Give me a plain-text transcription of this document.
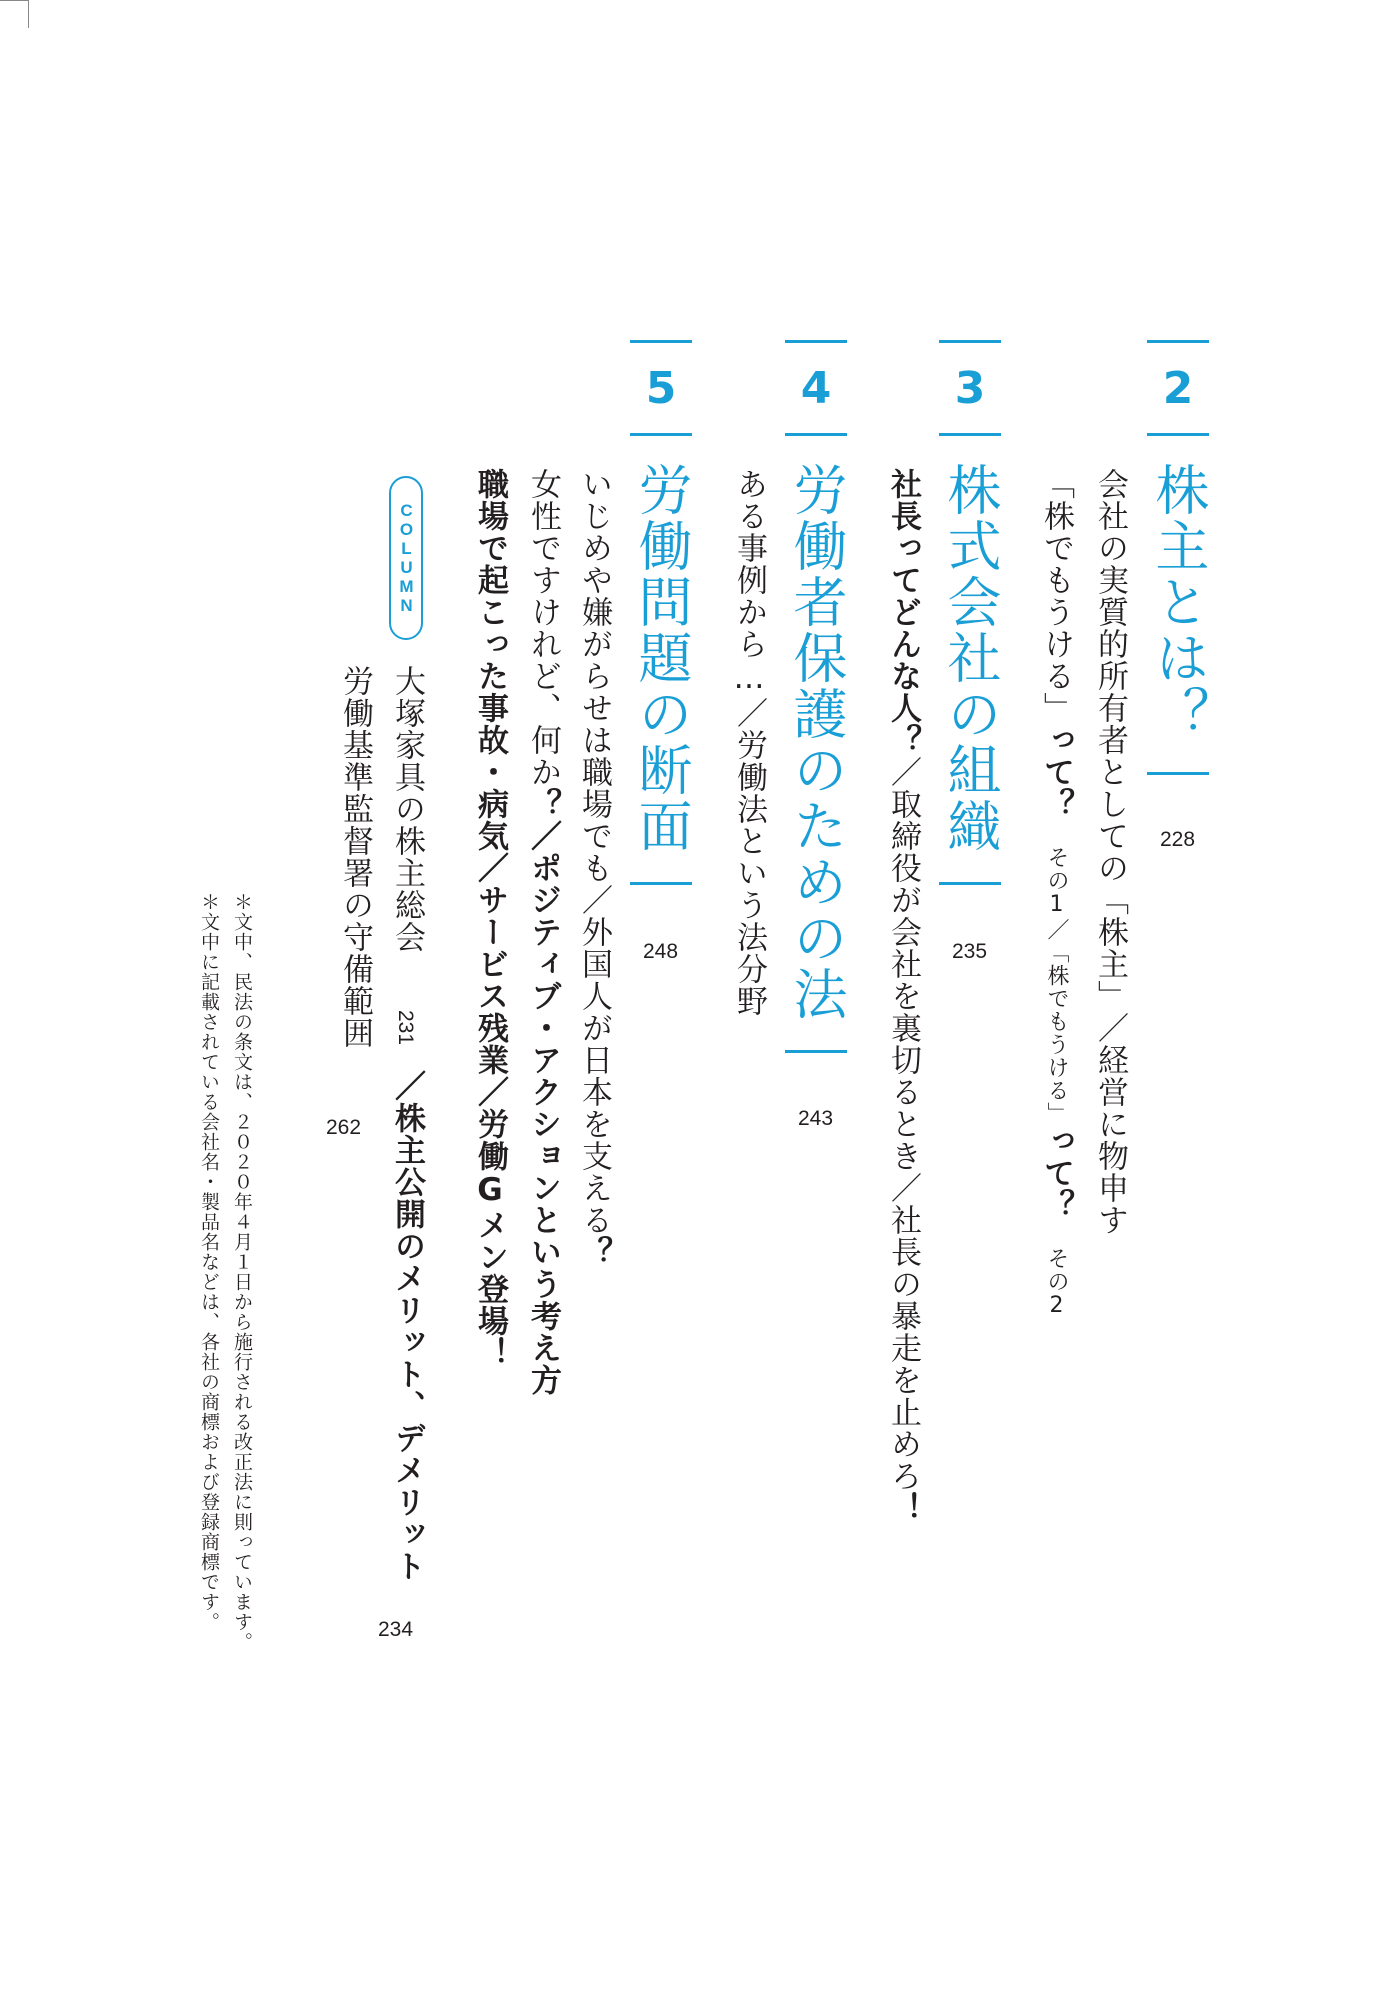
2
株主とは？
228
会社の実質的所有者としての「株主」／経営に物申す
「株でもうける」って？ その1／「株でもうける」って？ その2
3
株式会社の組織
235
社長ってどんな人？／取締役が会社を裏切るとき／社長の暴走を止めろ！
4
労働者保護のための法
243
ある事例から…／労働法という法分野
5
労働問題の断面
248
いじめや嫌がらせは職場でも／外国人が日本を支える？
女性ですけれど、何か？／ポジティブ・アクションという考え方
職場で起こった事故・病気／サービス残業／労働Gメン登場！
COLUMN
大塚家具の株主総会
231
／株主公開のメリット、デメリット
234
労働基準監督署の守備範囲
262
＊文中、民法の条文は、２０２０年４月１日から施行される改正法に則っています。
＊文中に記載されている会社名・製品名などは、各社の商標および登録商標です。
